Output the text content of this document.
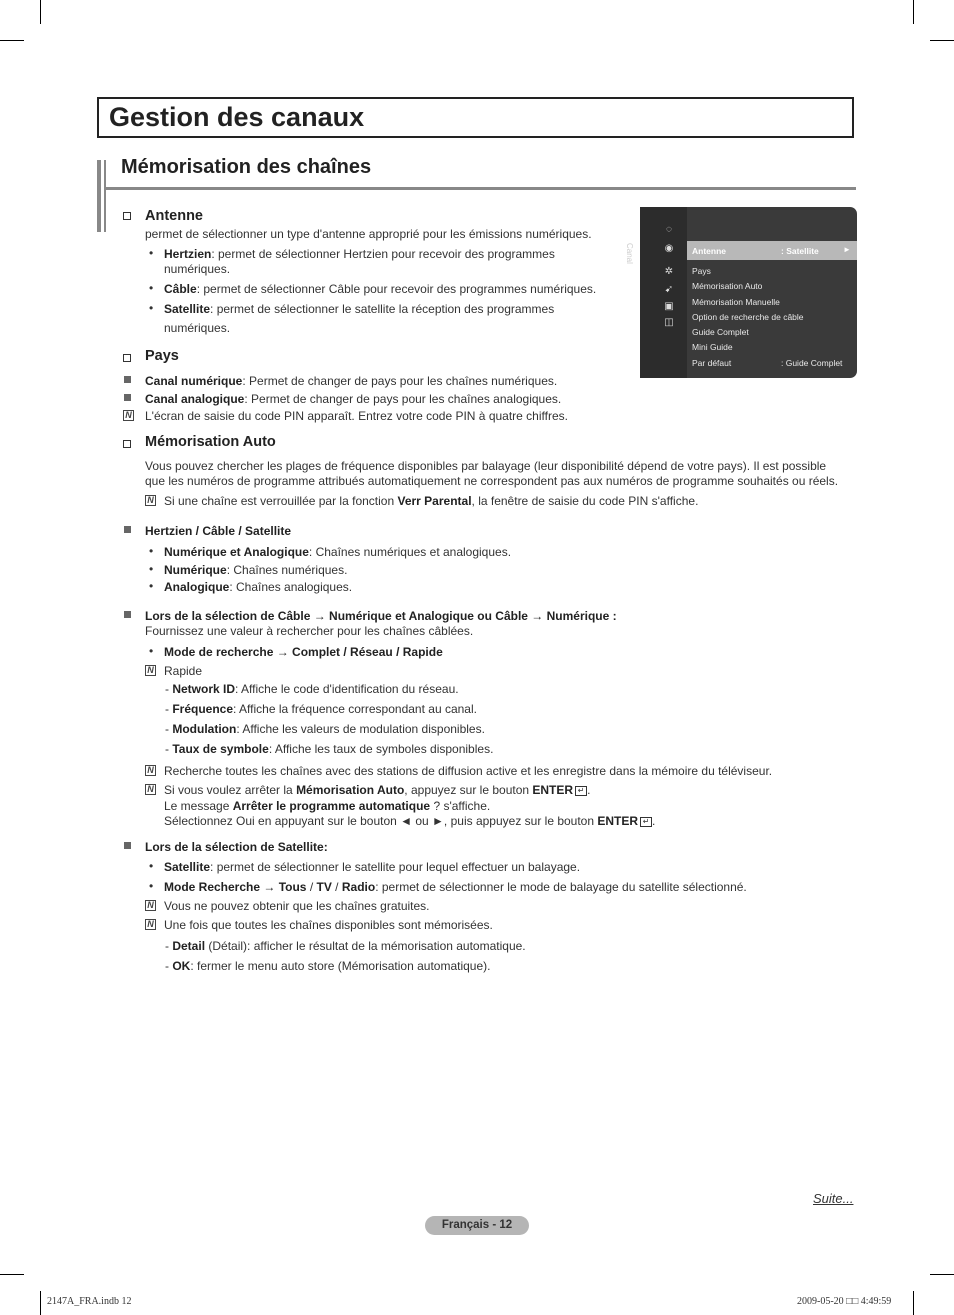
Gestion des canaux
Mémorisation des chaînes
Antenne
permet de sélectionner un type d'antenne approprié pour les émissions numériques.
• Hertzien: permet de sélectionner Hertzien pour recevoir des programmes
numériques.
• Câble: permet de sélectionner Câble pour recevoir des programmes numériques.
• Satellite: permet de sélectionner le satellite la réception des programmes
numériques.
Canal
◌
◉
✲
➹
▣
◫
Antenne	: Satellite	►
Pays
Mémorisation Auto
Mémorisation Manuelle
Option de recherche de câble
Guide Complet
Mini Guide
Par défaut	: Guide Complet
Pays
Canal numérique: Permet de changer de pays pour les chaînes numériques.
Canal analogique: Permet de changer de pays pour les chaînes analogiques.
N L'écran de saisie du code PIN apparaît. Entrez votre code PIN à quatre chiffres.
Mémorisation Auto
Vous pouvez chercher les plages de fréquence disponibles par balayage (leur disponibilité dépend de votre pays). Il est possible
que les numéros de programme attribués automatiquement ne correspondent pas aux numéros de programme souhaités ou réels.
N Si une chaîne est verrouillée par la fonction Verr Parental, la fenêtre de saisie du code PIN s'affiche.
Hertzien / Câble / Satellite
• Numérique et Analogique: Chaînes numériques et analogiques.
• Numérique: Chaînes numériques.
• Analogique: Chaînes analogiques.
Lors de la sélection de Câble → Numérique et Analogique ou Câble → Numérique :
Fournissez une valeur à rechercher pour les chaînes câblées.
• Mode de recherche → Complet / Réseau / Rapide
N Rapide
- Network ID: Affiche le code d'identification du réseau.
- Fréquence: Affiche la fréquence correspondant au canal.
- Modulation: Affiche les valeurs de modulation disponibles.
- Taux de symbole: Affiche les taux de symboles disponibles.
N Recherche toutes les chaînes avec des stations de diffusion active et les enregistre dans la mémoire du téléviseur.
N Si vous voulez arrêter la Mémorisation Auto, appuyez sur le bouton ENTER ↵ .
Le message Arrêter le programme automatique ? s'affiche.
Sélectionnez Oui en appuyant sur le bouton ◄ ou ►, puis appuyez sur le bouton ENTER ↵ .
Lors de la sélection de Satellite:
• Satellite: permet de sélectionner le satellite pour lequel effectuer un balayage.
• Mode Recherche → Tous / TV / Radio: permet de sélectionner le mode de balayage du satellite sélectionné.
N Vous ne pouvez obtenir que les chaînes gratuites.
N Une fois que toutes les chaînes disponibles sont mémorisées.
- Detail (Détail): afficher le résultat de la mémorisation automatique.
- OK: fermer le menu auto store (Mémorisation automatique).
Suite...
Français - 12
2147A_FRA.indb 12	2009-05-20 □□ 4:49:59
